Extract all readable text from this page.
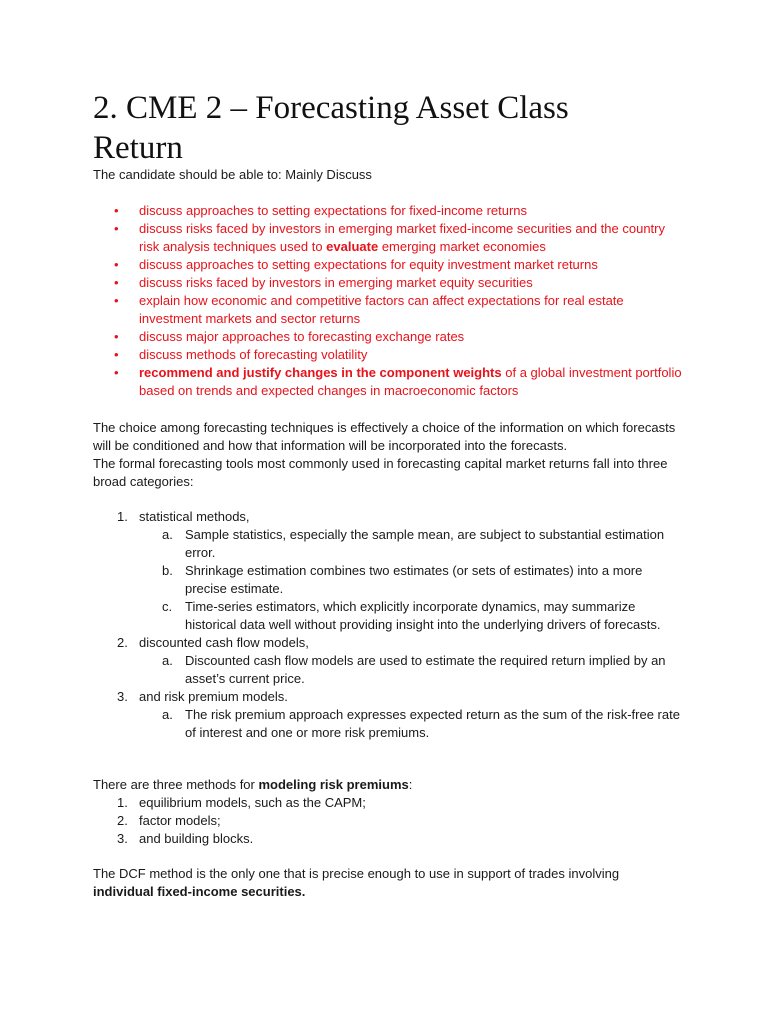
2. CME 2 – Forecasting Asset Class Return

The candidate should be able to: Mainly Discuss

• discuss approaches to setting expectations for fixed-income returns
• discuss risks faced by investors in emerging market fixed-income securities and the country risk analysis techniques used to evaluate emerging market economies
• discuss approaches to setting expectations for equity investment market returns
• discuss risks faced by investors in emerging market equity securities
• explain how economic and competitive factors can affect expectations for real estate investment markets and sector returns
• discuss major approaches to forecasting exchange rates
• discuss methods of forecasting volatility
• recommend and justify changes in the component weights of a global investment portfolio based on trends and expected changes in macroeconomic factors
The choice among forecasting techniques is effectively a choice of the information on which forecasts will be conditioned and how that information will be incorporated into the forecasts.
The formal forecasting tools most commonly used in forecasting capital market returns fall into three broad categories:
1. statistical methods,
a. Sample statistics, especially the sample mean, are subject to substantial estimation error.
b. Shrinkage estimation combines two estimates (or sets of estimates) into a more precise estimate.
c. Time-series estimators, which explicitly incorporate dynamics, may summarize historical data well without providing insight into the underlying drivers of forecasts.
2. discounted cash flow models,
a. Discounted cash flow models are used to estimate the required return implied by an asset’s current price.
3. and risk premium models.
a. The risk premium approach expresses expected return as the sum of the risk-free rate of interest and one or more risk premiums.

There are three methods for modeling risk premiums:

1. equilibrium models, such as the CAPM;
2. factor models;
3. and building blocks.

The DCF method is the only one that is precise enough to use in support of trades involving individual fixed-income securities.
